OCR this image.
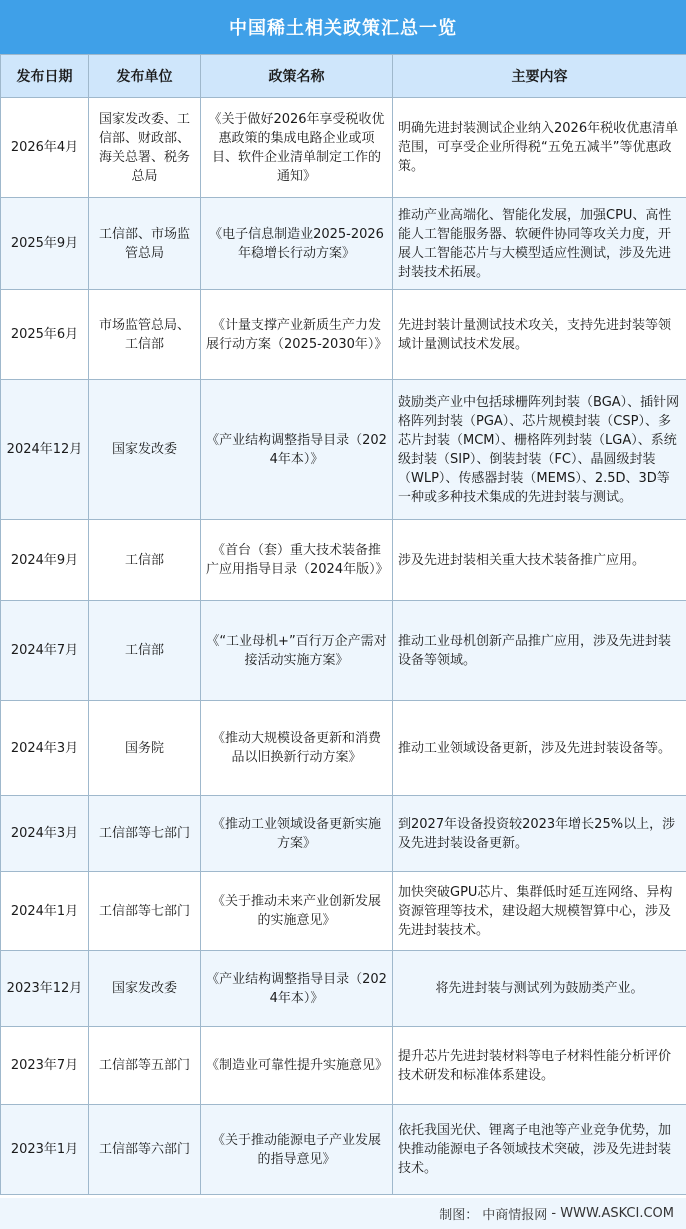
中国稀土相关政策汇总一览
发布日期	发布单位	政策名称	主要内容
2026年4月	国家发改委、工信部、财政部、海关总署、税务总局	《关于做好2026年享受税收优惠政策的集成电路企业或项目、软件企业清单制定工作的通知》	明确先进封装测试企业纳入2026年税收优惠清单范围，可享受企业所得税“五免五减半”等优惠政策。
2025年9月	工信部、市场监管总局	《电子信息制造业2025-2026年稳增长行动方案》	推动产业高端化、智能化发展，加强CPU、高性能人工智能服务器、软硬件协同等攻关力度，开展人工智能芯片与大模型适应性测试，涉及先进封装技术拓展。
2025年6月	市场监管总局、工信部	《计量支撑产业新质生产力发展行动方案（2025-2030年）》	先进封装计量测试技术攻关，支持先进封装等领域计量测试技术发展。
2024年12月	国家发改委	《产业结构调整指导目录（2024年本）》	鼓励类产业中包括球栅阵列封装（BGA）、插针网格阵列封装（PGA）、芯片规模封装（CSP）、多芯片封装（MCM）、栅格阵列封装（LGA）、系统级封装（SIP）、倒装封装（FC）、晶圆级封装（WLP）、传感器封装（MEMS）、2.5D、3D等一种或多种技术集成的先进封装与测试。
2024年9月	工信部	《首台（套）重大技术装备推广应用指导目录（2024年版）》	涉及先进封装相关重大技术装备推广应用。
2024年7月	工信部	《“工业母机+”百行万企产需对接活动实施方案》	推动工业母机创新产品推广应用，涉及先进封装设备等领域。
2024年3月	国务院	《推动大规模设备更新和消费品以旧换新行动方案》	推动工业领域设备更新，涉及先进封装设备等。
2024年3月	工信部等七部门	《推动工业领域设备更新实施方案》	到2027年设备投资较2023年增长25%以上，涉及先进封装设备更新。
2024年1月	工信部等七部门	《关于推动未来产业创新发展的实施意见》	加快突破GPU芯片、集群低时延互连网络、异构资源管理等技术，建设超大规模智算中心，涉及先进封装技术。
2023年12月	国家发改委	《产业结构调整指导目录（2024年本）》	将先进封装与测试列为鼓励类产业。
2023年7月	工信部等五部门	《制造业可靠性提升实施意见》	提升芯片先进封装材料等电子材料性能分析评价技术研发和标准体系建设。
2023年1月	工信部等六部门	《关于推动能源电子产业发展的指导意见》	依托我国光伏、锂离子电池等产业竞争优势，加快推动能源电子各领域技术突破，涉及先进封装技术。
制图： 中商情报网 - WWW.ASKCI.COM
